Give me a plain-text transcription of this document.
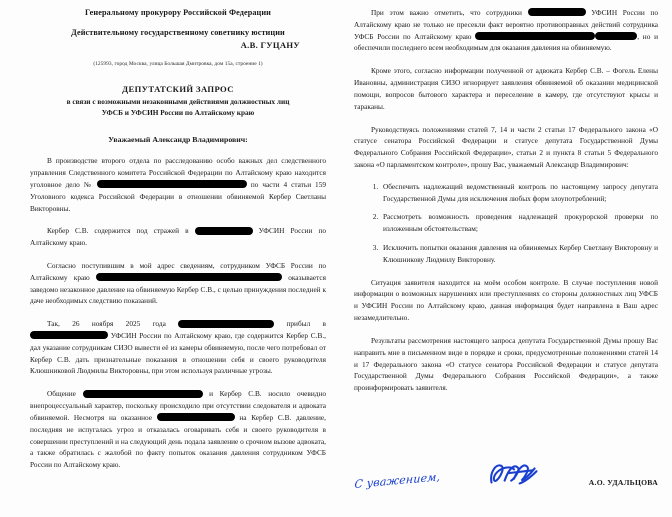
Генеральному прокурору Российской Федерации
Действительному государственному советнику юстиции
А.В. ГУЦАНУ
(125993, город Москва, улица Большая Дмитровка, дом 15а, строение 1)
ДЕПУТАТСКИЙ ЗАПРОС
в связи с возможными незаконными действиями должностных лиц
УФСБ и УФСИН России по Алтайскому краю
Уважаемый Александр Владимирович:

В производстве второго отдела по расследованию особо важных дел следственного управления Следственного комитета Российской Федерации по Алтайскому краю находится уголовное дело №	по части 4 статьи 159 Уголовного кодекса Российской Федерации в отношении обвиняемой Кербер Светланы Викторовны.

Кербер С.В. содержится под стражей в	УФСИН России по Алтайскому краю.

Согласно поступившим в мой адрес сведениям, сотрудником УФСБ России по Алтайскому краю	оказывается заведомо незаконное давление на обвиняемую Кербер С.В., с целью принуждения последней к даче необходимых следствию показаний.

Так, 26 ноября 2025 года	прибыл в  УФСИН России по Алтайскому краю, где содержится Кербер С.В., дал указание сотрудникам СИЗО вывести её из камеры обвиняемую, после чего потребовал от Кербер С.В. дать признательные показания в отношении себя и своего руководителя Клюшниковой Людмилы Викторовны, при этом используя различные угрозы.

Общение	и Кербер С.В. носило очевидно внепроцессуальный характер, поскольку происходило при отсутствии следователя и адвоката обвиняемой. Несмотря на оказанное	на Кербер С.В. давление, последняя не испугалась угроз и отказалась оговаривать себя и своего руководителя в совершении преступлений и на следующий день подала заявление о срочном вызове адвоката, а также обратилась с жалобой по факту попыток оказания давления сотрудником УФСБ России по Алтайскому краю.

При этом важно отметить, что сотрудники	УФСИН России по Алтайскому краю не только не пресекли факт вероятно противоправных действий сотрудника УФСБ России по Алтайскому краю	, но и обеспечили последнего всем необходимым для оказания давления на обвиняемую.

Кроме этого, согласно информации полученной от адвоката Кербер С.В. – Фогель Елены Ивановны, администрация СИЗО игнорирует заявления обвиняемой об оказании медицинской помощи, вопросов бытового характера и переселение в камеру, где отсутствуют крысы и тараканы.

Руководствуясь положениями статей 7, 14 и части 2 статьи 17 Федерального закона «О статусе сенатора Российской Федерации и статусе депутата Государственной Думы Федерального Собрания Российской Федерации», статьи 2 и пункта 8 статьи 5 Федерального закона «О парламентском контроле», прошу Вас, уважаемый Александр Владимирович:

1. Обеспечить надлежащий ведомственный контроль по настоящему запросу депутата Государственной Думы для исключения любых форм злоупотреблений;
2. Рассмотреть возможность проведения надлежащей прокурорской проверки по изложенным обстоятельствам;
3. Исключить попытки оказания давления на обвиняемых Кербер Светлану Викторовну и Клюшникову Людмилу Викторовну.

Ситуация заявителя находится на моём особом контроле. В случае поступления новой информации о возможных нарушениях или преступлениях со стороны должностных лиц УФСБ и УФСИН России по Алтайскому краю, данная информация будет направлена в Ваш адрес незамедлительно.

Результаты рассмотрения настоящего запроса депутата Государственной Думы прошу Вас направить мне в письменном виде в порядке и сроки, предусмотренные положениями статей 14 и 17 Федерального закона «О статусе сенатора Российской Федерации и статусе депутата Государственной Думы Федерального Собрания Российской Федерации», а также проинформировать заявителя.

С уважением,	А.О. УДАЛЬЦОВА
